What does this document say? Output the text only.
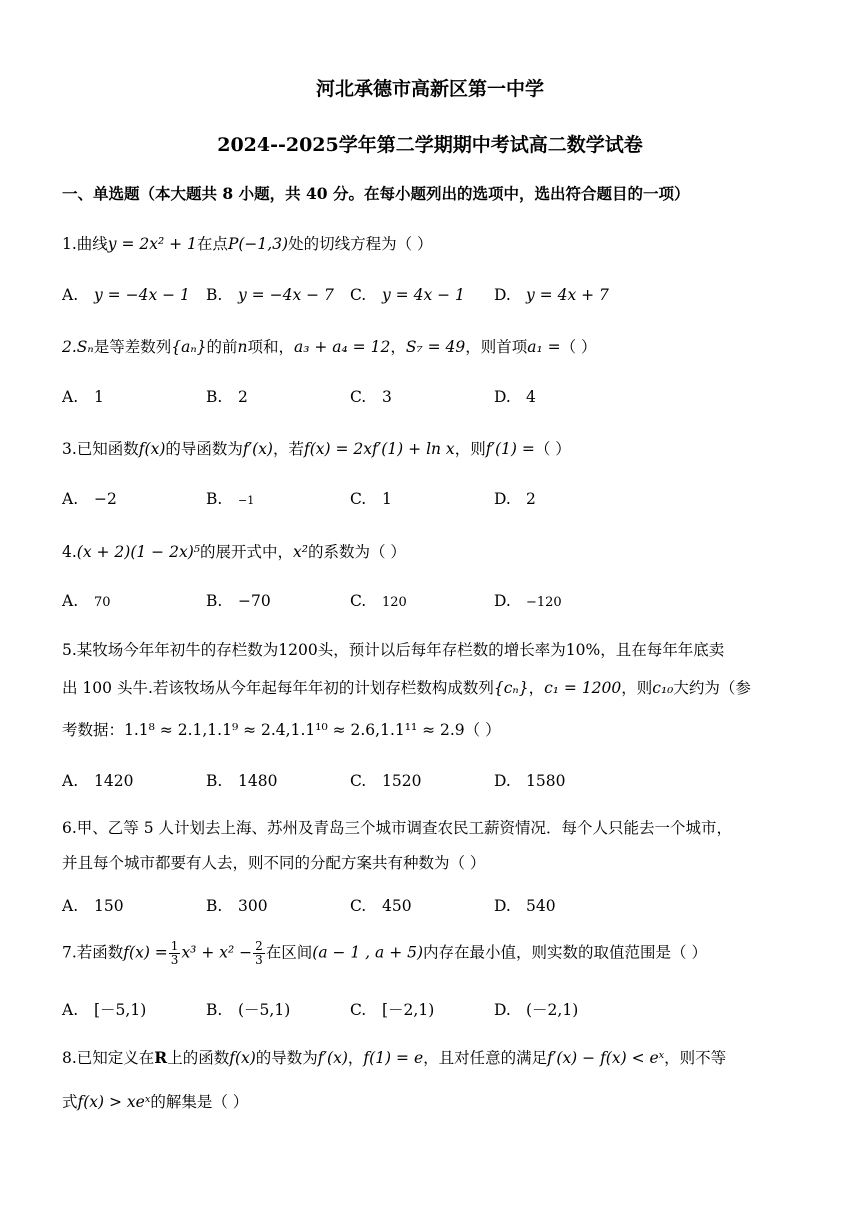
河北承德市高新区第一中学
2024--2025学年第二学期期中考试高二数学试卷
一、单选题（本大题共 8 小题，共 40 分。在每小题列出的选项中，选出符合题目的一项）
1.曲线y = 2x² + 1在点P(−1,3)处的切线方程为（ ）
A. y = −4x − 1 B. y = −4x − 7 C. y = 4x − 1 D. y = 4x + 7
2.Sₙ是等差数列{aₙ}的前n项和，a₃ + a₄ = 12，S₇ = 49，则首项a₁ =（ ）
A. 1	B. 2	C. 3	D. 4
3.已知函数f(x)的导函数为f′(x)，若f(x) = 2xf′(1) + ln x，则f′(1) =（ ）
A. −2	B. −1	C. 1	D. 2
4.(x + 2)(1 − 2x)⁵的展开式中，x²的系数为（ ）
A. 70	B. −70	C. 120	D. −120
5.某牧场今年年初牛的存栏数为1200头，预计以后每年存栏数的增长率为10%，且在每年年底卖
出 100 头牛.若该牧场从今年起每年年初的计划存栏数构成数列{cₙ}，c₁ = 1200，则c₁₀大约为（参
考数据：1.1⁸ ≈ 2.1,1.1⁹ ≈ 2.4,1.1¹⁰ ≈ 2.6,1.1¹¹ ≈ 2.9（ ）
A. 1420	B. 1480	C. 1520	D. 1580
6.甲、乙等 5 人计划去上海、苏州及青岛三个城市调查农民工薪资情况．每个人只能去一个城市，
并且每个城市都要有人去，则不同的分配方案共有种数为（ ）
A. 150	B. 300	C. 450	D. 540
7.若函数$f(x) = \frac{1}{3} x^3 + x^2 - \frac{2}{3}$ 在区间(a − 1 , a + 5)内存在最小值，则实数的取值范围是（ ）
A. [－5,1)	B. (－5,1)	C. [－2,1)	D. (－2,1)
8.已知定义在R上的函数f(x)的导数为f′(x)，f(1) = e，且对任意的满足f′(x) − f(x) < eˣ，则不等
式f(x) > xeˣ的解集是（ ）
